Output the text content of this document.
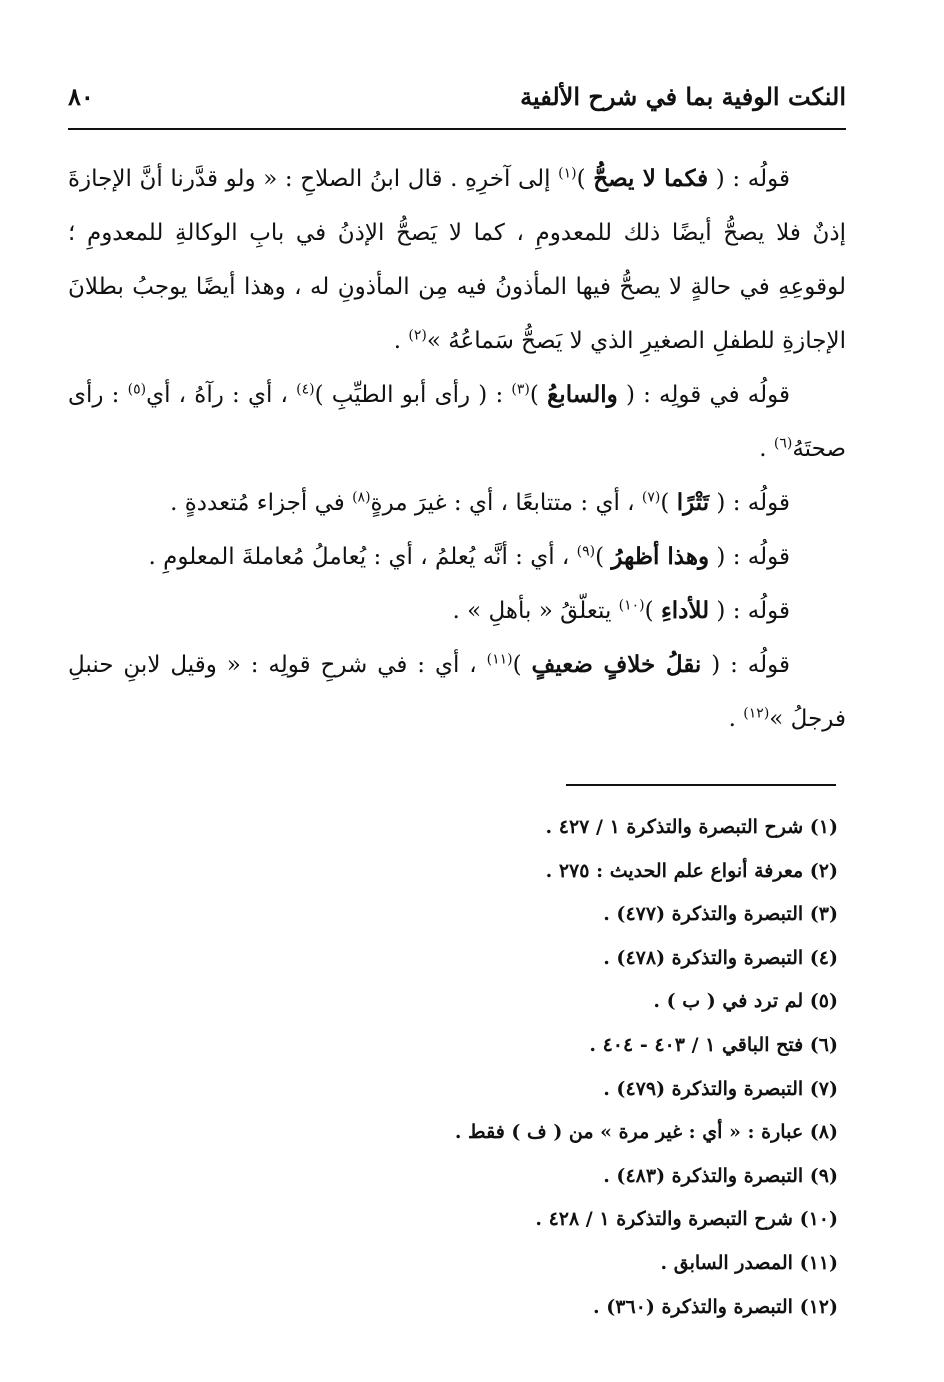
النكت الوفية بما في شرح الألفية
٨٠

قولُه : ( فكما لا يصحُّ )$^{(١)}$ إلى آخرِهِ . قال ابنُ الصلاحِ : « ولو قدَّرنا أنَّ الإجازةَ إذنٌ فلا يصحُّ أيضًا ذلك للمعدومِ ، كما لا يَصحُّ الإذنُ في بابِ الوكالةِ للمعدومِ ؛ لوقوعِهِ في حالةٍ لا يصحُّ فيها المأذونُ فيه مِن المأذونِ له ، وهذا أيضًا يوجبُ بطلانَ الإجازةِ للطفلِ الصغيرِ الذي لا يَصحُّ سَماعُهُ »$^{(٢)}$ .

قولُه في قولِه : ( والسابعُ )$^{(٣)}$ : ( رأى أبو الطيِّبِ )$^{(٤)}$ ، أي : رآهُ ، أي$^{(٥)}$ : رأى صحتَهُ$^{(٦)}$ .

قولُه : ( تَتْرًا )$^{(٧)}$ ، أي : متتابعًا ، أي : غيرَ مرةٍ$^{(٨)}$ في أجزاء مُتعددةٍ .

قولُه : ( وهذا أظهرُ )$^{(٩)}$ ، أي : أنَّه يُعلمُ ، أي : يُعاملُ مُعاملةَ المعلومِ .

قولُه : ( للأداءِ )$^{(١٠)}$ يتعلّقُ « بأهلِ » .

قولُه : ( نقلُ خلافٍ ضعيفٍ )$^{(١١)}$ ، أي : في شرحِ قولِه : « وقيل لابنِ حنبلِ فرجلُ »$^{(١٢)}$ .

(١) شرح التبصرة والتذكرة ١ / ٤٢٧ .

(٢) معرفة أنواع علم الحديث : ٢٧٥ .

(٣) التبصرة والتذكرة (٤٧٧) .

(٤) التبصرة والتذكرة (٤٧٨) .

(٥) لم ترد في ( ب ) .

(٦) فتح الباقي ١ / ٤٠٣ - ٤٠٤ .

(٧) التبصرة والتذكرة (٤٧٩) .

(٨) عبارة : « أي : غير مرة » من ( ف ) فقط .

(٩) التبصرة والتذكرة (٤٨٣) .

(١٠) شرح التبصرة والتذكرة ١ / ٤٢٨ .

(١١) المصدر السابق .

(١٢) التبصرة والتذكرة (٣٦٠) .
